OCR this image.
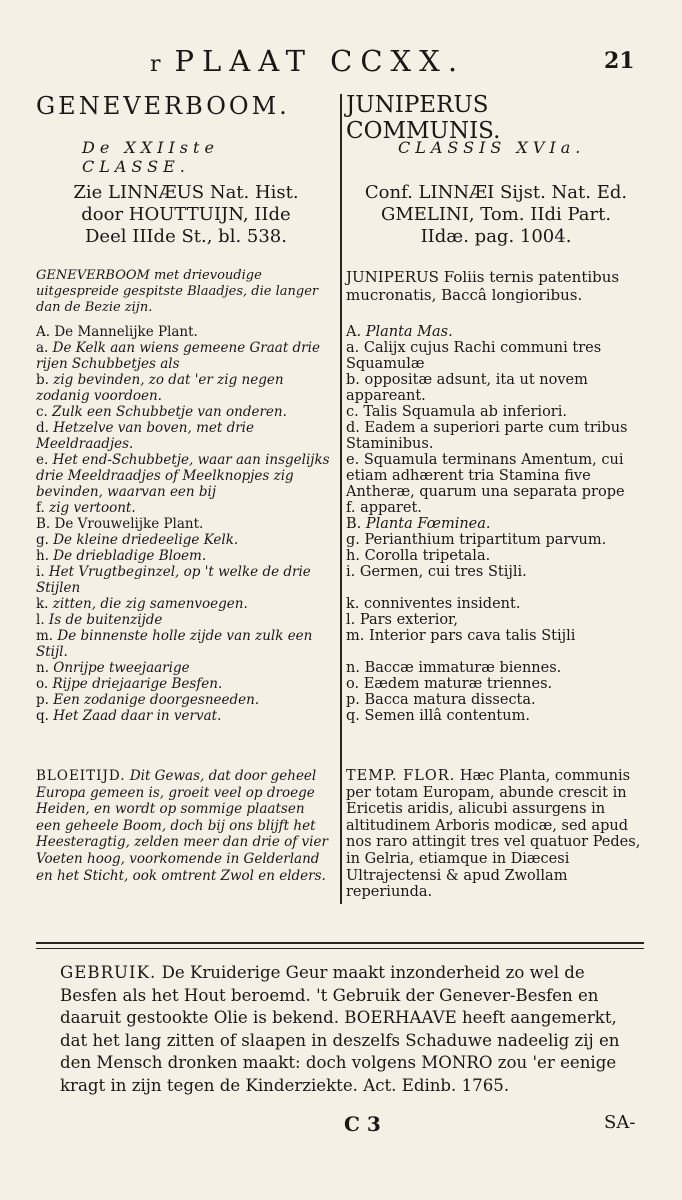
r PLAAT CCXX.	21
GENEVERBOOM.
De XXIIste CLASSE.
Zie LINNÆUS Nat. Hist.
door HOUTTUIJN, IIde
Deel IIIde St., bl. 538.
GENEVERBOOM met drievoudige uitgespreide gespitste Blaadjes, die langer dan de Bezie zijn.
A. De Mannelijke Plant.
a. De Kelk aan wiens gemeene Graat drie rijen Schubbetjes als
b. zig bevinden, zo dat 'er zig negen zodanig voordoen.
c. Zulk een Schubbetje van onderen.
d. Hetzelve van boven, met drie Meeldraadjes.
e. Het end-Schubbetje, waar aan insgelijks drie Meeldraadjes of Meelknopjes zig bevinden, waarvan een bij
f. zig vertoont.
B. De Vrouwelijke Plant.
g. De kleine driedeelige Kelk.
h. De driebladige Bloem.
i. Het Vrugtbeginzel, op 't welke de drie Stijlen
k. zitten, die zig samenvoegen.
l. Is de buitenzijde
m. De binnenste holle zijde van zulk een Stijl.
n. Onrijpe tweejaarige
o. Rijpe driejaarige Besfen.
p. Een zodanige doorgesneeden.
q. Het Zaad daar in vervat.
BLOEITIJD. Dit Gewas, dat door geheel Europa gemeen is, groeit veel op droege Heiden, en wordt op sommige plaatsen een geheele Boom, doch bij ons blijft het Heesteragtig, zelden meer dan drie of vier Voeten hoog, voorkomende in Gelderland en het Sticht, ook omtrent Zwol en elders.
JUNIPERUS COMMUNIS.
CLASSIS XVIa.
Conf. LINNÆI Sijst. Nat. Ed.
GMELINI, Tom. IIdi Part.
IIdæ. pag. 1004.
JUNIPERUS Foliis ternis patentibus mucronatis, Baccâ longioribus.
A. Planta Mas.
a. Calijx cujus Rachi communi tres Squamulæ
b. oppositæ adsunt, ita ut novem appareant.
c. Talis Squamula ab inferiori.
d. Eadem a superiori parte cum tribus Staminibus.
e. Squamula terminans Amentum, cui etiam adhærent tria Stamina five Antheræ, quarum una separata prope
f. apparet.
B. Planta Fœminea.
g. Perianthium tripartitum parvum.
h. Corolla tripetala.
i. Germen, cui tres Stijli.
k. conniventes insident.
l. Pars exterior,
m. Interior pars cava talis Stijli
n. Baccæ immaturæ biennes.
o. Eædem maturæ triennes.
p. Bacca matura dissecta.
q. Semen illâ contentum.
TEMP. FLOR. Hæc Planta, communis per totam Europam, abunde crescit in Ericetis aridis, alicubi assurgens in altitudinem Arboris modicæ, sed apud nos raro attingit tres vel quatuor Pedes, in Gelria, etiamque in Diæcesi Ultrajectensi & apud Zwollam reperiunda.
GEBRUIK. De Kruiderige Geur maakt inzonderheid zo wel de Besfen als het Hout beroemd. 't Gebruik der Genever-Besfen en daaruit gestookte Olie is bekend. BOERHAAVE heeft aangemerkt, dat het lang zitten of slaapen in deszelfs Schaduwe nadeelig zij en den Mensch dronken maakt: doch volgens MONRO zou 'er eenige kragt in zijn tegen de Kinderziekte. Act. Edinb. 1765.
C 3	SA-
